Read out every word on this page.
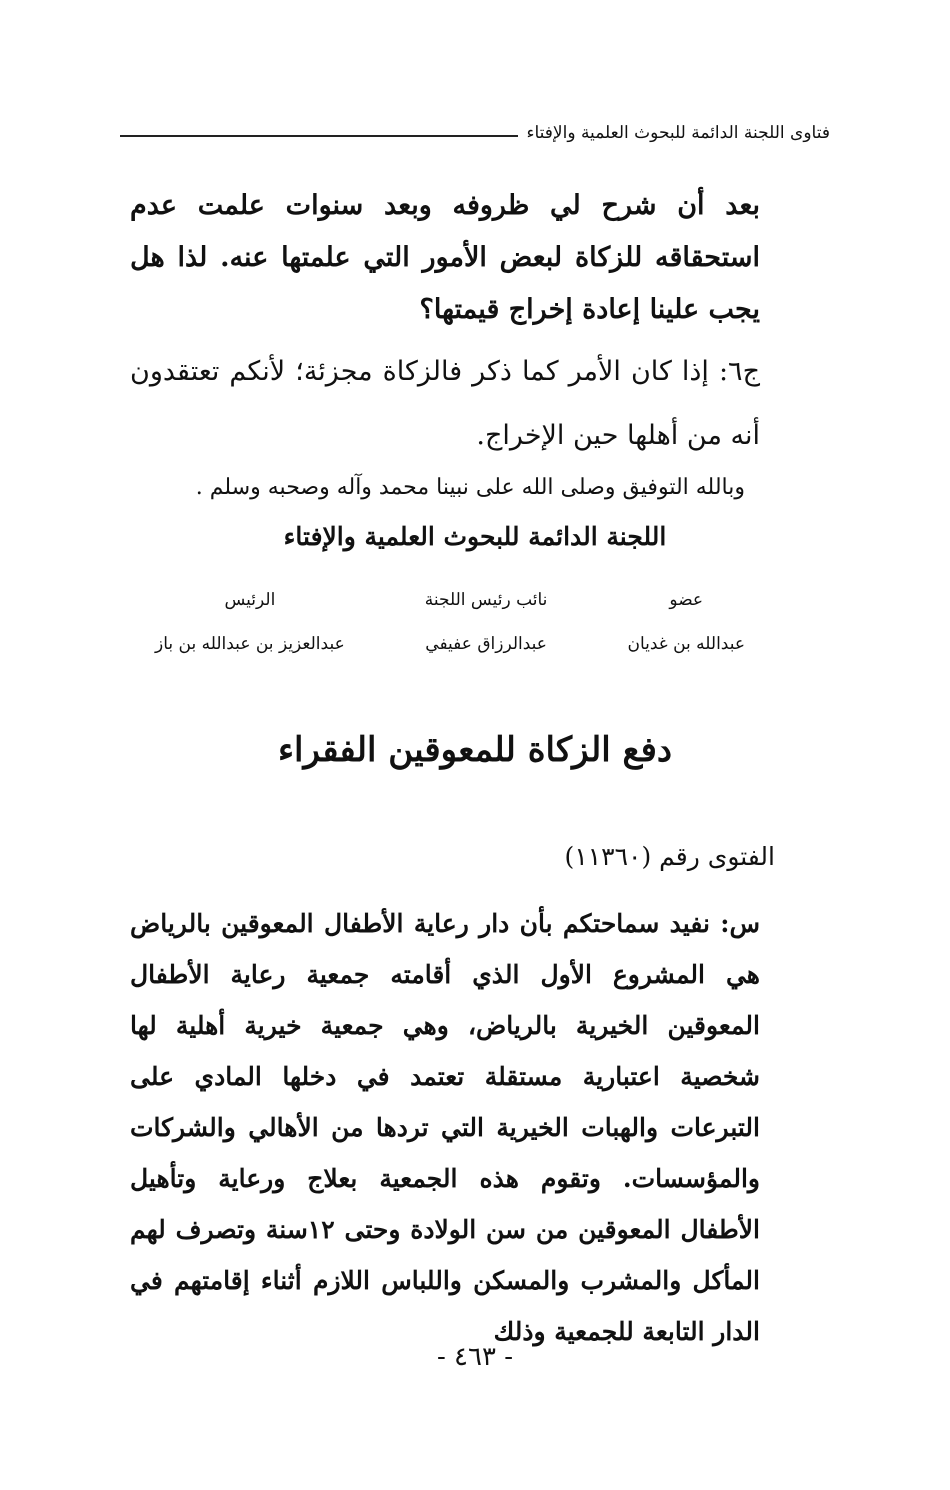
فتاوى اللجنة الدائمة للبحوث العلمية والإفتاء

بعد أن شرح لي ظروفه وبعد سنوات علمت عدم استحقاقه للزكاة لبعض الأمور التي علمتها عنه. لذا هل يجب علينا إعادة إخراج قيمتها؟

ج٦: إذا كان الأمر كما ذكر فالزكاة مجزئة؛ لأنكم تعتقدون أنه من أهلها حين الإخراج.

وبالله التوفيق وصلى الله على نبينا محمد وآله وصحبه وسلم .

اللجنة الدائمة للبحوث العلمية والإفتاء
عضو
عبدالله بن غديان
نائب رئيس اللجنة
عبدالرزاق عفيفي
الرئيس
عبدالعزيز بن عبدالله بن باز
دفع الزكاة للمعوقين الفقراء
الفتوى رقم (١١٣٦٠)

س: نفيد سماحتكم بأن دار رعاية الأطفال المعوقين بالرياض هي المشروع الأول الذي أقامته جمعية رعاية الأطفال المعوقين الخيرية بالرياض، وهي جمعية خيرية أهلية لها شخصية اعتبارية مستقلة تعتمد في دخلها المادي على التبرعات والهبات الخيرية التي تردها من الأهالي والشركات والمؤسسات. وتقوم هذه الجمعية بعلاج ورعاية وتأهيل الأطفال المعوقين من سن الولادة وحتى ١٢سنة وتصرف لهم المأكل والمشرب والمسكن واللباس اللازم أثناء إقامتهم في الدار التابعة للجمعية وذلك

- ٤٦٣ -
